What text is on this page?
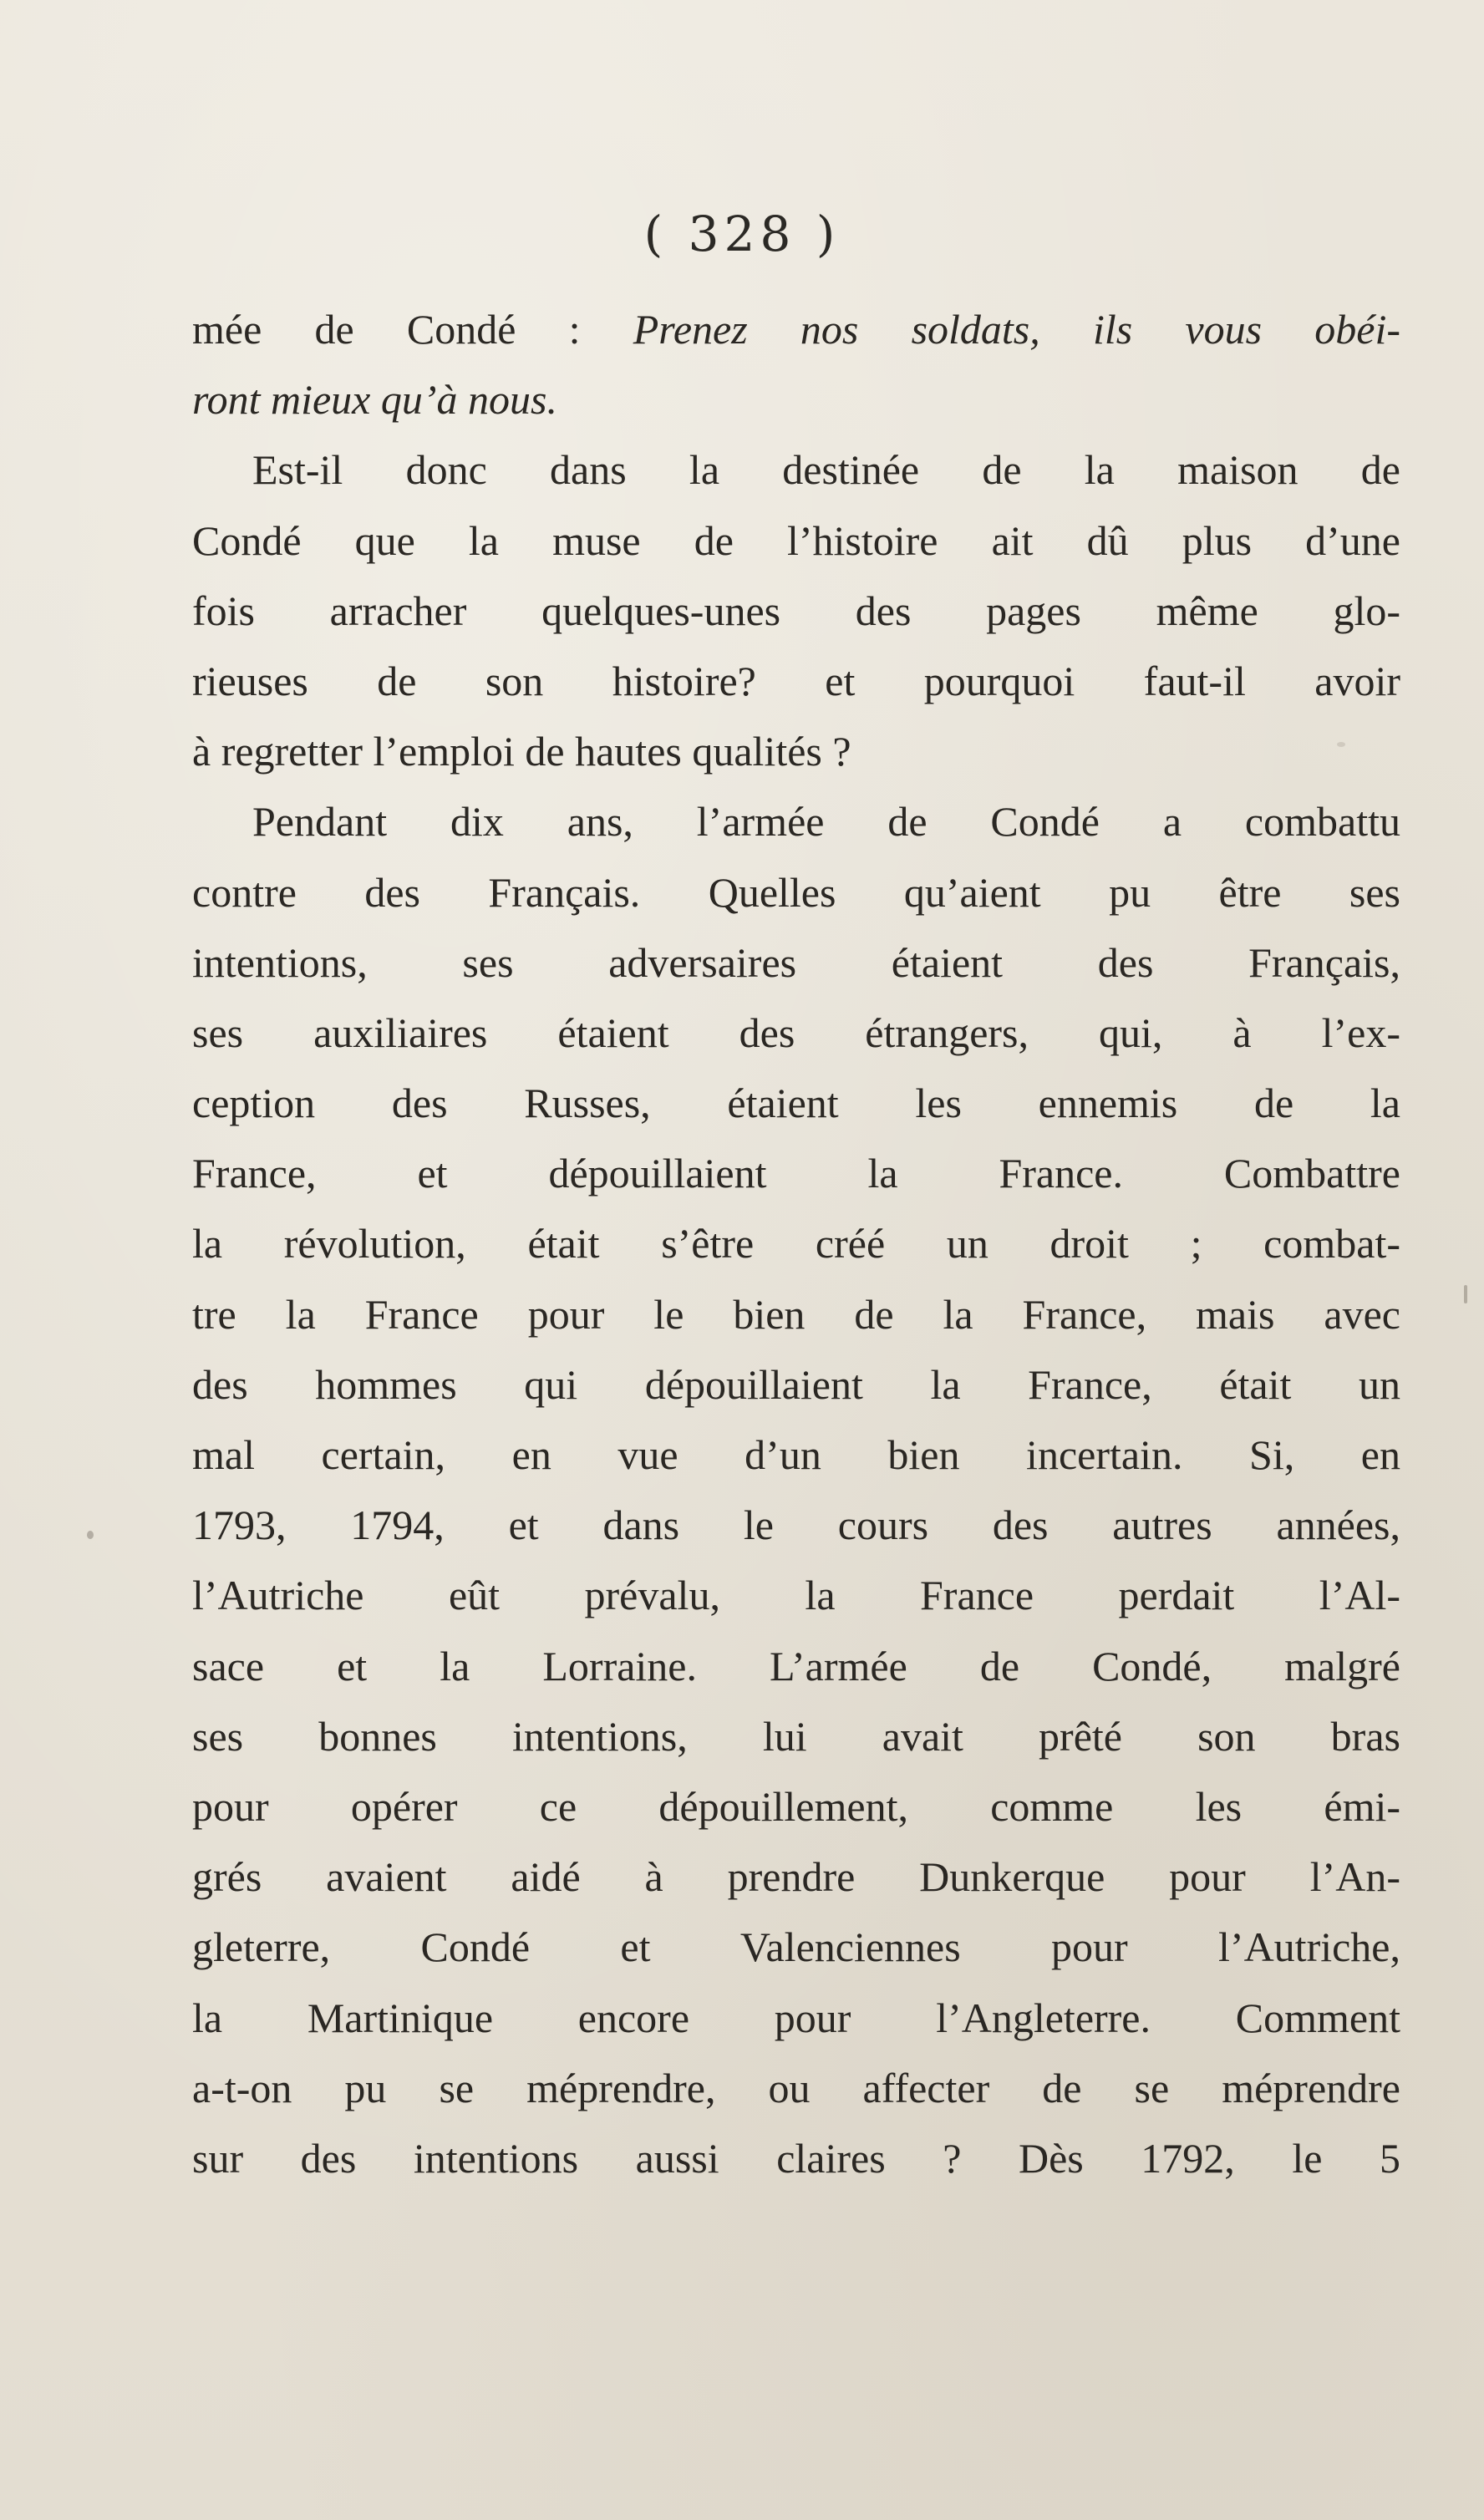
( 328 )
mée de Condé : Prenez nos soldats, ils vous obéi-
ront mieux qu’à nous.
Est-il donc dans la destinée de la maison de
Condé que la muse de l’histoire ait dû plus d’une
fois arracher quelques-unes des pages même glo-
rieuses de son histoire? et pourquoi faut-il avoir
à regretter l’emploi de hautes qualités ?
Pendant dix ans, l’armée de Condé a combattu
contre des Français. Quelles qu’aient pu être ses
intentions, ses adversaires étaient des Français,
ses auxiliaires étaient des étrangers, qui, à l’ex-
ception des Russes, étaient les ennemis de la
France, et dépouillaient la France. Combattre
la révolution, était s’être créé un droit ; combat-
tre la France pour le bien de la France, mais avec
des hommes qui dépouillaient la France, était un
mal certain, en vue d’un bien incertain. Si, en
1793, 1794, et dans le cours des autres années,
l’Autriche eût prévalu, la France perdait l’Al-
sace et la Lorraine. L’armée de Condé, malgré
ses bonnes intentions, lui avait prêté son bras
pour opérer ce dépouillement, comme les émi-
grés avaient aidé à prendre Dunkerque pour l’An-
gleterre, Condé et Valenciennes pour l’Autriche,
la Martinique encore pour l’Angleterre. Comment
a-t-on pu se méprendre, ou affecter de se méprendre
sur des intentions aussi claires ? Dès 1792, le 5
